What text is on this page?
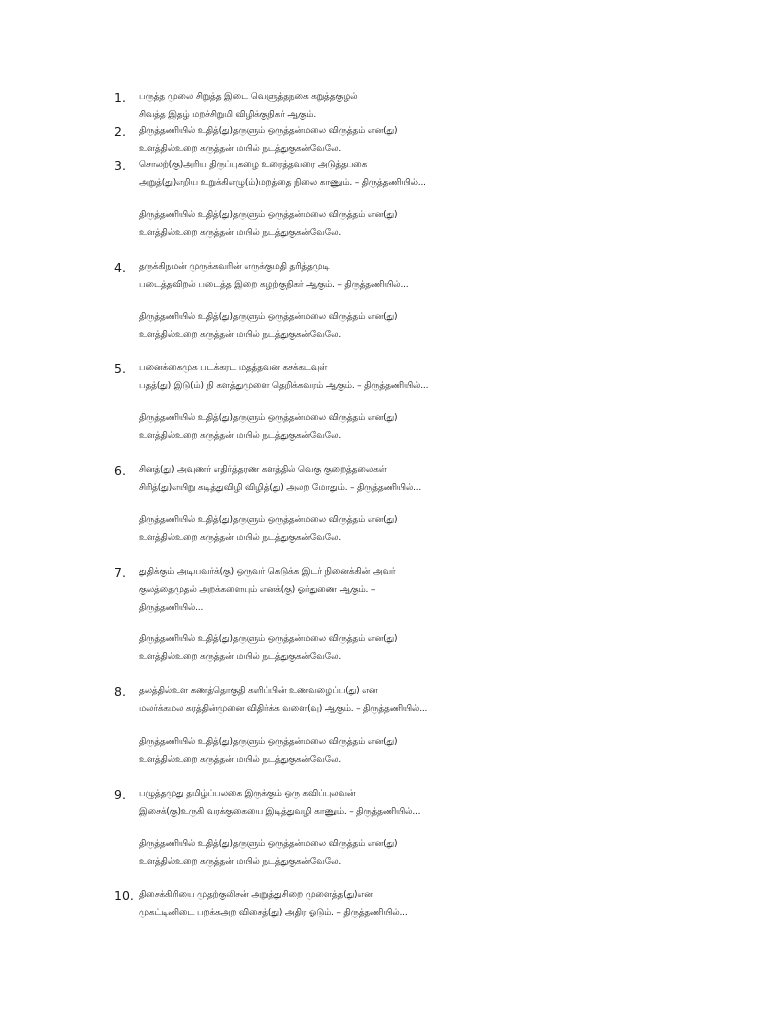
1.	பருத்த முலை சிறுத்த இடை வெளுத்தநகை கறுத்தகுழல்
சிவத்த இதழ் மறச்சிறுமி விழிக்குநிகர் ஆகும்.
2.	திருத்தணியில் உதித்(து)தருளும் ஒருத்தன்மலை விருத்தம் என(து)
உளத்தில்உறை கருத்தன் மயில் நடத்துகுகன்வேலே.
3.	சொலற்(கு)அரிய திருப்புகழை உரைத்தவரை அடுத்தபகை
அறுத்(து)எறிய உறுக்கிஎழு(ம்)மறத்தை நிலை காணும். – திருத்தணியில்...
திருத்தணியில் உதித்(து)தருளும் ஒருத்தன்மலை விருத்தம் என(து)
உளத்தில்உறை கருத்தன் மயில் நடத்துகுகன்வேலே.
4.	தருக்கிநமன் முருக்கவரின் எருக்குமதி தரித்தமுடி
படைத்தவிறல் படைத்த இறை கழற்குநிகர் ஆகும். – திருத்தணியில்...
திருத்தணியில் உதித்(து)தருளும் ஒருத்தன்மலை விருத்தம் என(து)
உளத்தில்உறை கருத்தன் மயில் நடத்துகுகன்வேலே.
5.	பனைக்கைமுக படக்கரட மதத்தவன கசக்கடவுள்
பதத்(து) இடு(ம்) நி களத்துமுளை தெறிக்கவரம் ஆகும். – திருத்தணியில்...
திருத்தணியில் உதித்(து)தருளும் ஒருத்தன்மலை விருத்தம் என(து)
உளத்தில்உறை கருத்தன் மயில் நடத்துகுகன்வேலே.
6.	சினத்(து) அவுணர் எதிர்த்தரண களத்தில் வெகு குறைத்தலைகள்
சிரித்(து)எயிறு கடித்துவிழி விழித்(து) அலற மோதும். – திருத்தணியில்...
திருத்தணியில் உதித்(து)தருளும் ஒருத்தன்மலை விருத்தம் என(து)
உளத்தில்உறை கருத்தன் மயில் நடத்துகுகன்வேலே.
7.	துதிக்கும் அடியவர்க்(கு) ஒருவர் கெடுக்க இடர் நினைக்கின் அவர்
குலத்தைமுதல் அறக்களையும் எனக்(கு) ஓர்துணை ஆகும். –
திருத்தணியில்...
திருத்தணியில் உதித்(து)தருளும் ஒருத்தன்மலை விருத்தம் என(து)
உளத்தில்உறை கருத்தன் மயில் நடத்துகுகன்வேலே.
8.	தலத்தில்உள கணத்தொகுதி களிப்பின் உணவழைப்ப(து) என
மலர்க்கமல கரத்தின்முனை விதிர்க்க வளை(வு) ஆகும். – திருத்தணியில்...
திருத்தணியில் உதித்(து)தருளும் ஒருத்தன்மலை விருத்தம் என(து)
உளத்தில்உறை கருத்தன் மயில் நடத்துகுகன்வேலே.
9.	பழுத்தமுது தமிழ்ப்பலகை இருக்கும் ஒரு கவிப்புலவன்
இசைக்(கு)உருகி வரக்குகையை இடித்துவழி காணும். – திருத்தணியில்...
திருத்தணியில் உதித்(து)தருளும் ஒருத்தன்மலை விருத்தம் என(து)
உளத்தில்உறை கருத்தன் மயில் நடத்துகுகன்வேலே.
10. திசைக்கிரியை முதற்குலிசன் அறுத்துசிறை முளைத்த(து)என
முகட்டினிடை பறக்கஅற விசைத்(து) அதிர ஓடும். – திருத்தணியில்...
